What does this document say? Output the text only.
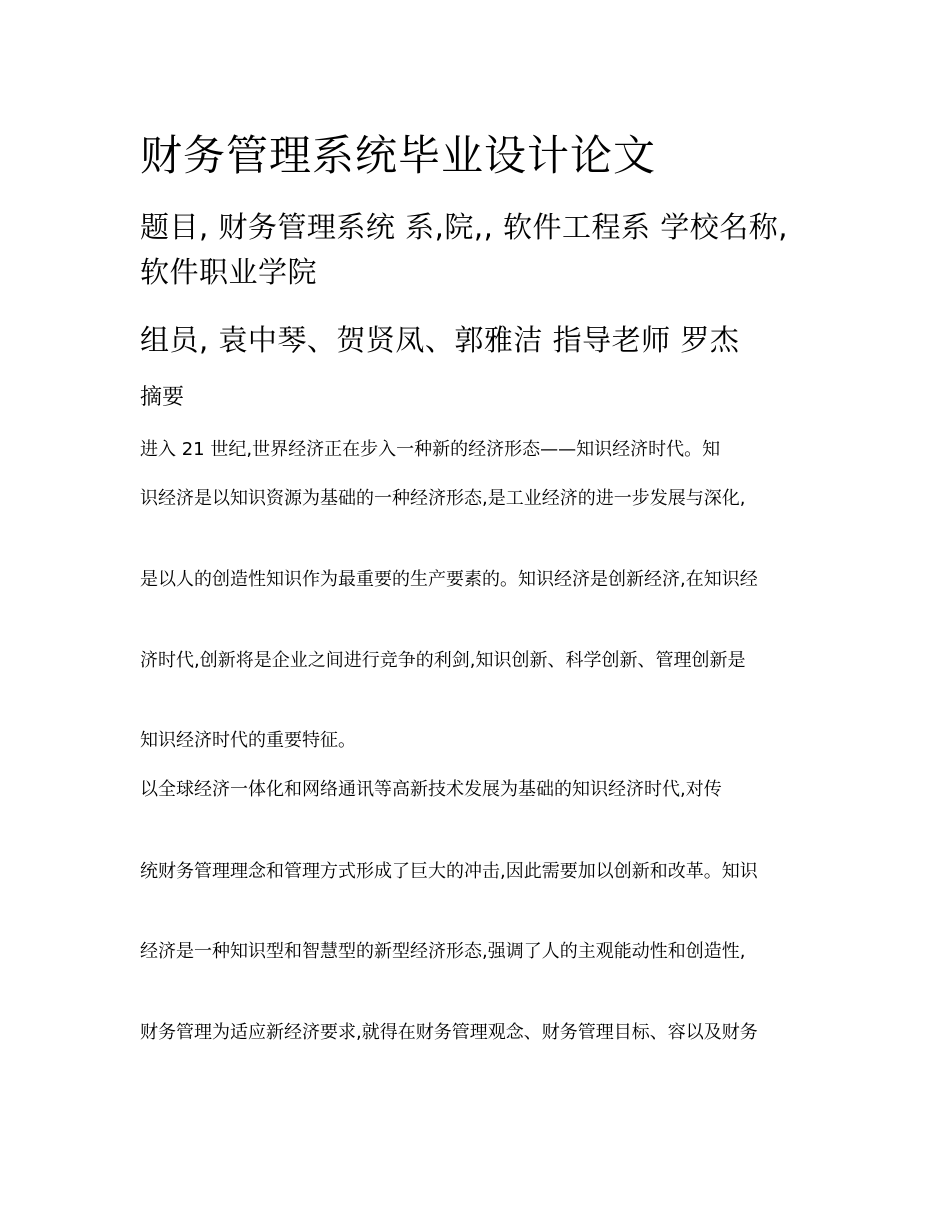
财务管理系统毕业设计论文
题目, 财务管理系统 系,院,, 软件工程系 学校名称, 软件职业学院
组员, 袁中琴、贺贤凤、郭雅洁 指导老师 罗杰
摘要

进入 21 世纪,世界经济正在步入一种新的经济形态——知识经济时代。知

识经济是以知识资源为基础的一种经济形态,是工业经济的进一步发展与深化,

是以人的创造性知识作为最重要的生产要素的。知识经济是创新经济,在知识经

济时代,创新将是企业之间进行竞争的利剑,知识创新、科学创新、管理创新是

知识经济时代的重要特征。

以全球经济一体化和网络通讯等高新技术发展为基础的知识经济时代,对传

统财务管理理念和管理方式形成了巨大的冲击,因此需要加以创新和改革。知识

经济是一种知识型和智慧型的新型经济形态,强调了人的主观能动性和创造性,

财务管理为适应新经济要求,就得在财务管理观念、财务管理目标、容以及财务
